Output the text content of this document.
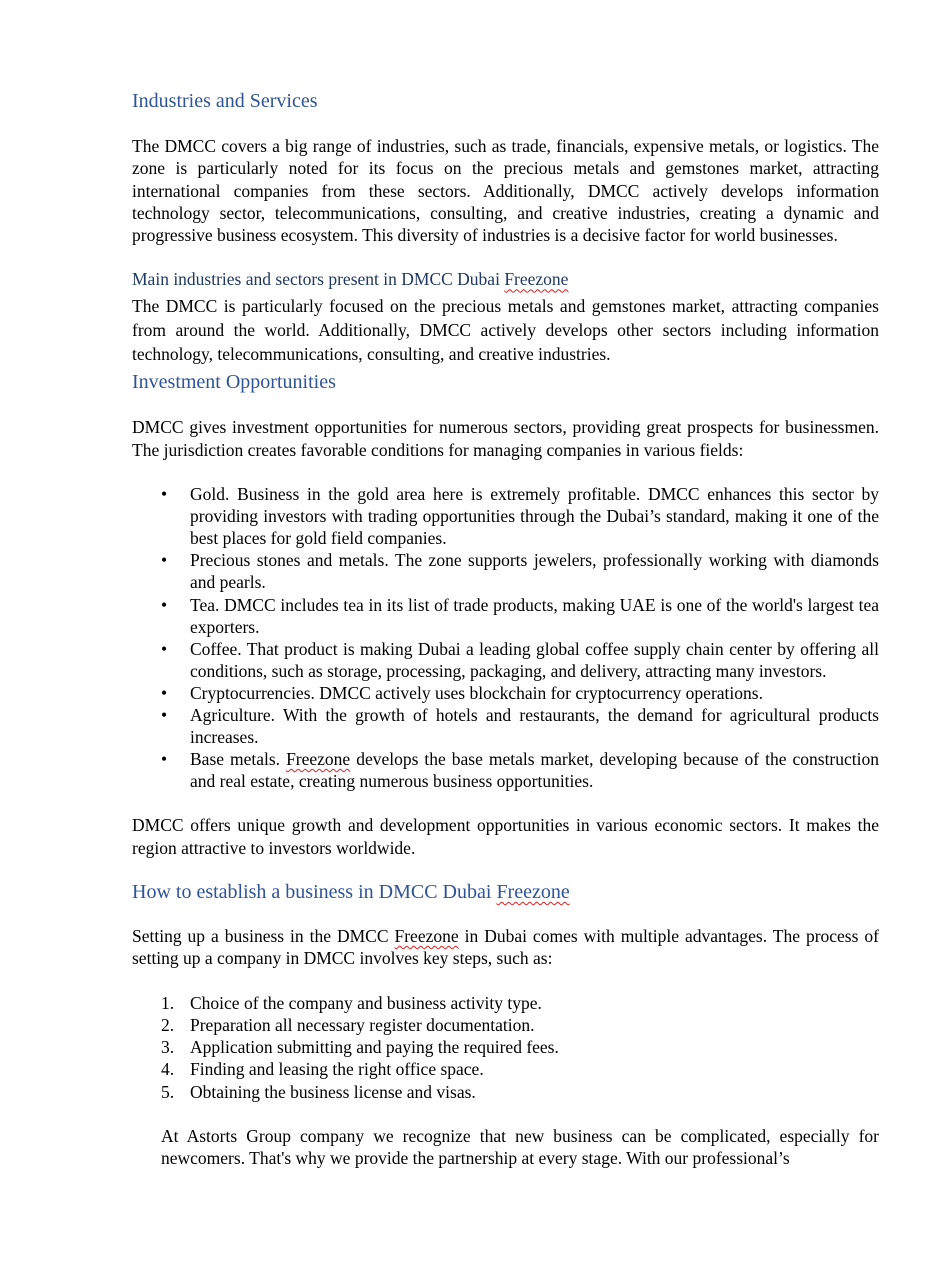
Industries and Services

The DMCC covers a big range of industries, such as trade, financials, expensive metals, or logistics. The zone is particularly noted for its focus on the precious metals and gemstones market, attracting international companies from these sectors. Additionally, DMCC actively develops information technology sector, telecommunications, consulting, and creative industries, creating a dynamic and progressive business ecosystem. This diversity of industries is a decisive factor for world businesses.

Main industries and sectors present in DMCC Dubai Freezone

The DMCC is particularly focused on the precious metals and gemstones market, attracting companies from around the world. Additionally, DMCC actively develops other sectors including information technology, telecommunications, consulting, and creative industries.

Investment Opportunities

DMCC gives investment opportunities for numerous sectors, providing great prospects for businessmen. The jurisdiction creates favorable conditions for managing companies in various fields:

• Gold. Business in the gold area here is extremely profitable. DMCC enhances this sector by providing investors with trading opportunities through the Dubai’s standard, making it one of the best places for gold field companies.
• Precious stones and metals. The zone supports jewelers, professionally working with diamonds and pearls.
• Tea. DMCC includes tea in its list of trade products, making UAE is one of the world's largest tea exporters.
• Coffee. That product is making Dubai a leading global coffee supply chain center by offering all conditions, such as storage, processing, packaging, and delivery, attracting many investors.
• Cryptocurrencies. DMCC actively uses blockchain for cryptocurrency operations.
• Agriculture. With the growth of hotels and restaurants, the demand for agricultural products increases.
• Base metals. Freezone develops the base metals market, developing because of the construction and real estate, creating numerous business opportunities.

DMCC offers unique growth and development opportunities in various economic sectors. It makes the region attractive to investors worldwide.

How to establish a business in DMCC Dubai Freezone

Setting up a business in the DMCC Freezone in Dubai comes with multiple advantages. The process of setting up a company in DMCC involves key steps, such as:

1. Choice of the company and business activity type.
2. Preparation all necessary register documentation.
3. Application submitting and paying the required fees.
4. Finding and leasing the right office space.
5. Obtaining the business license and visas.

At Astorts Group company we recognize that new business can be complicated, especially for newcomers. That's why we provide the partnership at every stage. With our professional’s
